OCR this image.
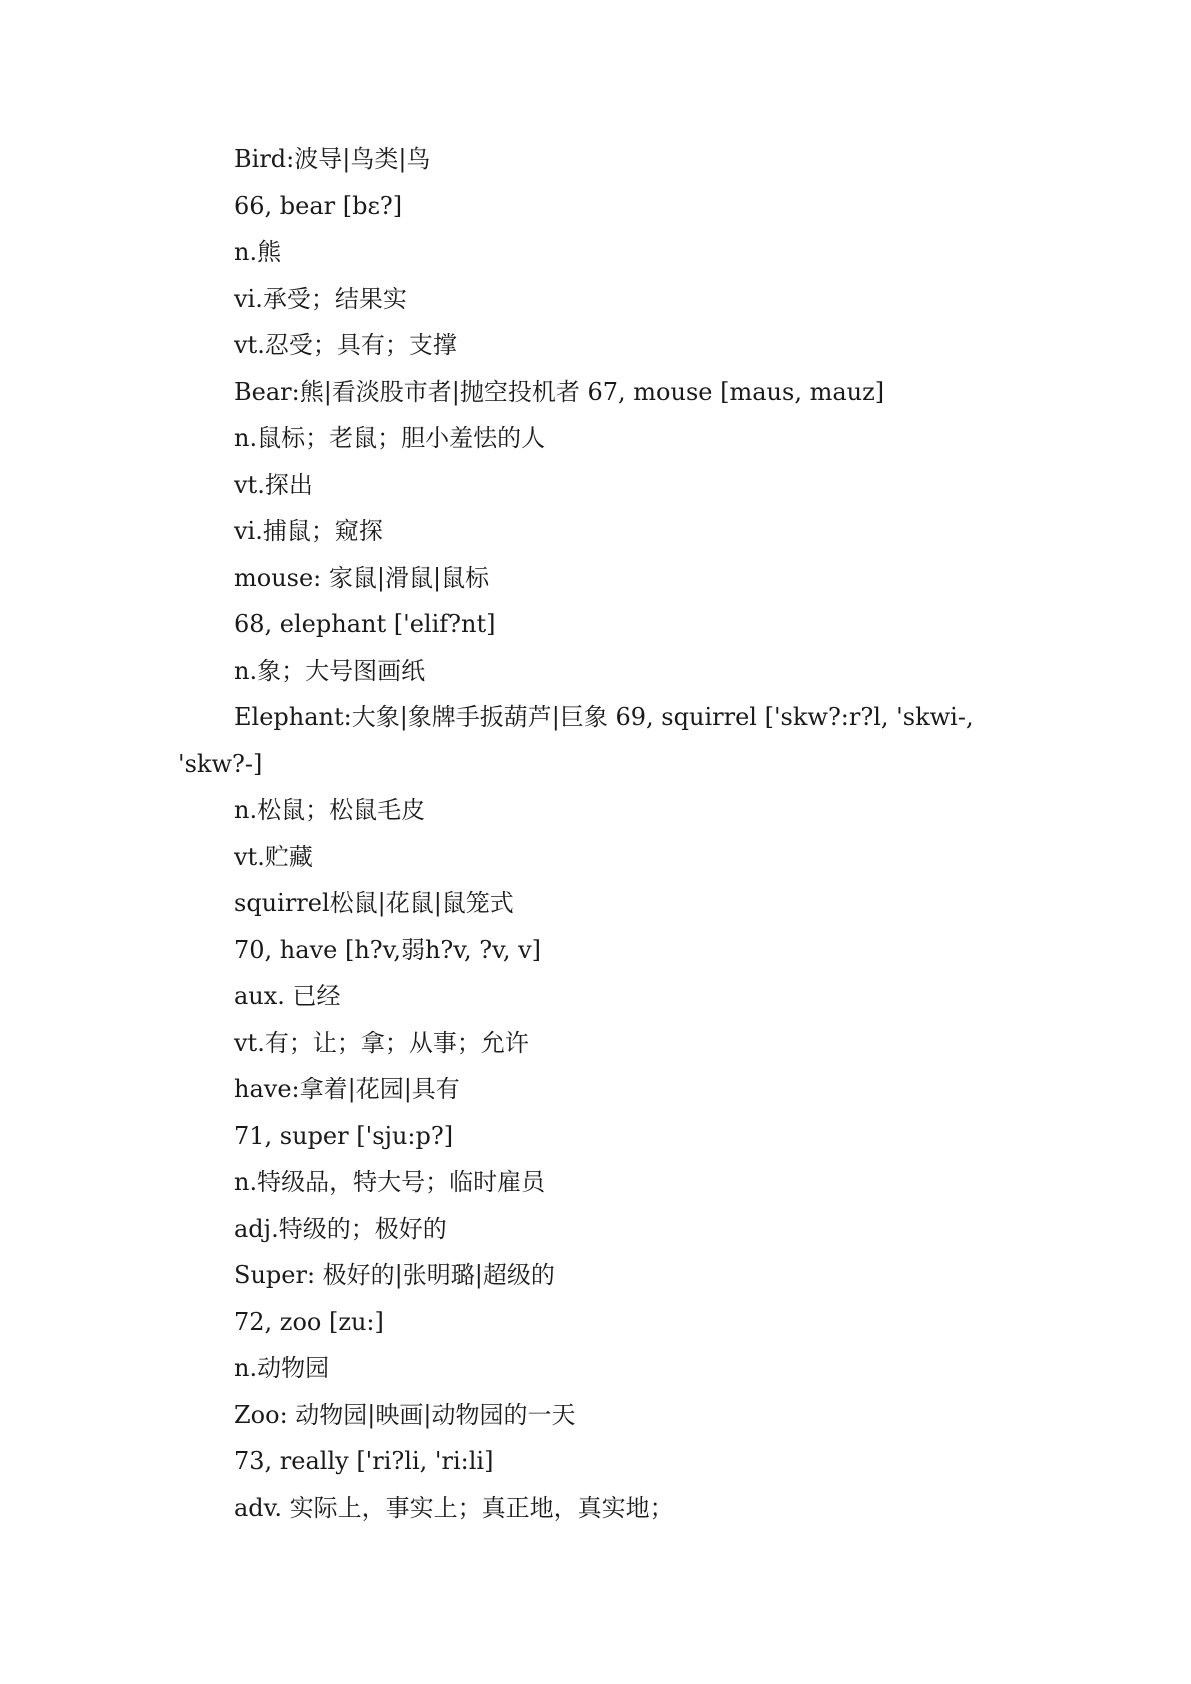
Bird:波导|鸟类|鸟
66, bear [bε?]
n.熊
vi.承受；结果实
vt.忍受；具有；支撑
Bear:熊|看淡股市者|抛空投机者 67, mouse [maus, mauz]
n.鼠标；老鼠；胆小羞怯的人
vt.探出
vi.捕鼠；窥探
mouse: 家鼠|滑鼠|鼠标
68, elephant ['elif?nt]
n.象；大号图画纸
Elephant:大象|象牌手扳葫芦|巨象 69, squirrel ['skw?:r?l, 'skwi-,
'skw?-]
n.松鼠；松鼠毛皮
vt.贮藏
squirrel松鼠|花鼠|鼠笼式
70, have [h?v,弱h?v, ?v, v]
aux. 已经
vt.有；让；拿；从事；允许
have:拿着|花园|具有
71, super ['sju:p?]
n.特级品，特大号；临时雇员
adj.特级的；极好的
Super: 极好的|张明璐|超级的
72, zoo [zu:]
n.动物园
Zoo: 动物园|映画|动物园的一天
73, really ['ri?li, 'ri:li]
adv. 实际上，事实上；真正地，真实地；
